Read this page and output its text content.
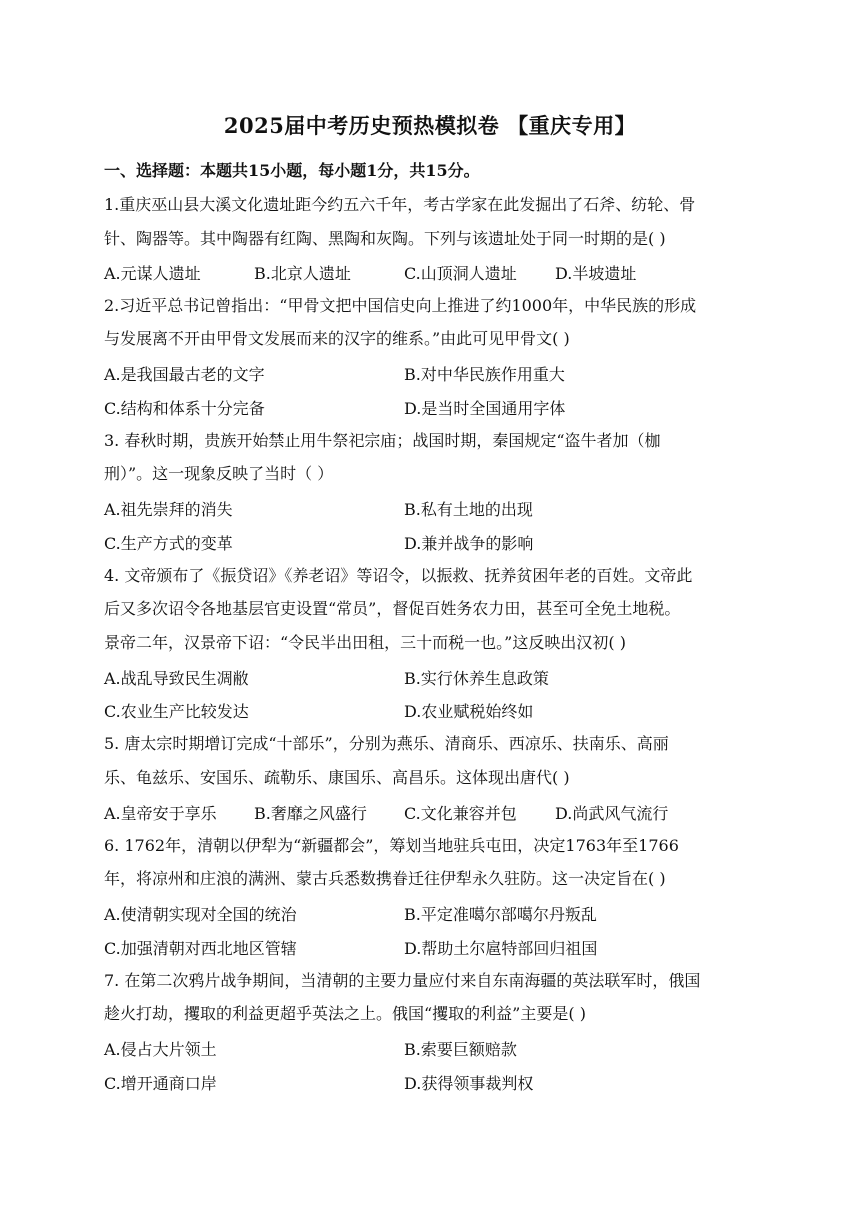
2025届中考历史预热模拟卷 【重庆专用】
一、选择题：本题共15小题，每小题1分，共15分。
1.重庆巫山县大溪文化遗址距今约五六千年，考古学家在此发掘出了石斧、纺轮、骨
针、陶器等。其中陶器有红陶、黑陶和灰陶。下列与该遗址处于同一时期的是( )
A.元谋人遗址	B.北京人遗址	C.山顶洞人遗址 D.半坡遗址
2.习近平总书记曾指出：“甲骨文把中国信史向上推进了约1000年，中华民族的形成
与发展离不开由甲骨文发展而来的汉字的维系。”由此可见甲骨文( )
A.是我国最古老的文字	B.对中华民族作用重大
C.结构和体系十分完备	D.是当时全国通用字体
3. 春秋时期，贵族开始禁止用牛祭祀宗庙；战国时期，秦国规定“盗牛者加（枷
刑）”。这一现象反映了当时（ ）
A.祖先崇拜的消失	B.私有土地的出现
C.生产方式的变革	D.兼并战争的影响
4. 文帝颁布了《振贷诏》《养老诏》等诏令，以振救、抚养贫困年老的百姓。文帝此
后又多次诏令各地基层官吏设置“常员”，督促百姓务农力田，甚至可全免土地税。
景帝二年，汉景帝下诏：“令民半出田租，三十而税一也。”这反映出汉初( )
A.战乱导致民生凋敝	B.实行休养生息政策
C.农业生产比较发达	D.农业赋税始终如
5. 唐太宗时期增订完成“十部乐”，分别为燕乐、清商乐、西凉乐、扶南乐、高丽
乐、龟兹乐、安国乐、疏勒乐、康国乐、高昌乐。这体现出唐代( )
A.皇帝安于享乐 B.奢靡之风盛行 C.文化兼容并包 D.尚武风气流行
6. 1762年，清朝以伊犁为“新疆都会”，筹划当地驻兵屯田，决定1763年至1766
年，将凉州和庄浪的满洲、蒙古兵悉数携眷迁往伊犁永久驻防。这一决定旨在( )
A.使清朝实现对全国的统治	B.平定准噶尔部噶尔丹叛乱
C.加强清朝对西北地区管辖	D.帮助土尔扈特部回归祖国
7. 在第二次鸦片战争期间，当清朝的主要力量应付来自东南海疆的英法联军时，俄国
趁火打劫，攫取的利益更超乎英法之上。俄国“攫取的利益”主要是( )
A.侵占大片领土	B.索要巨额赔款
C.增开通商口岸	D.获得领事裁判权
